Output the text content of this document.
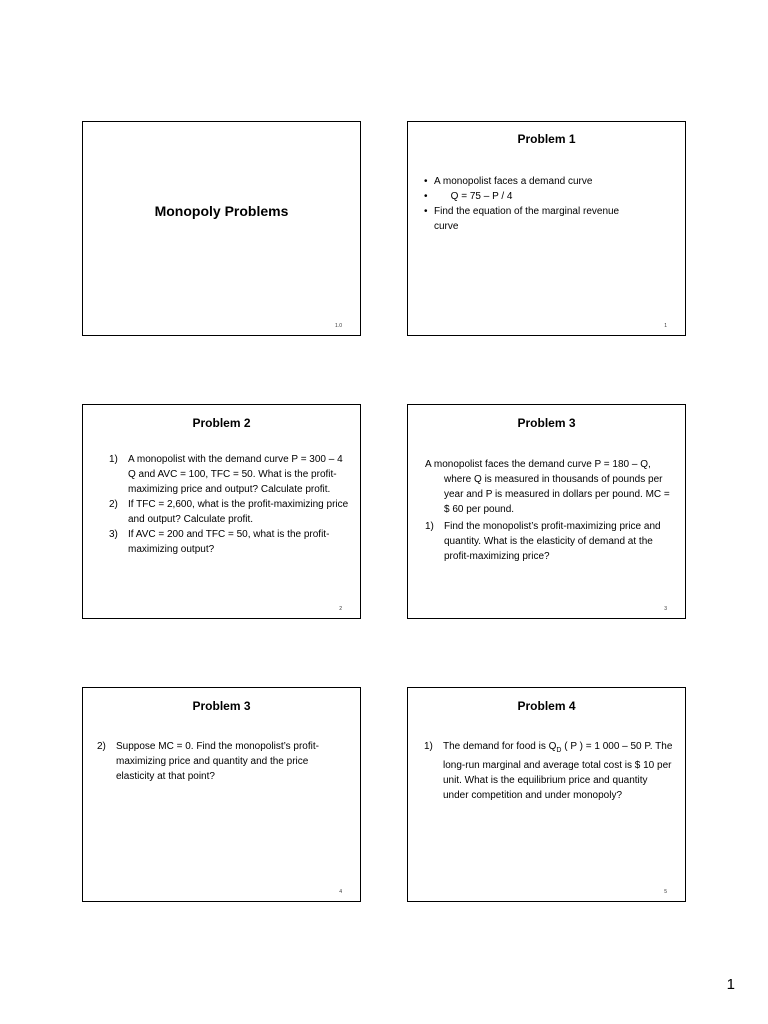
Monopoly Problems
1.0
Problem 1
• A monopolist faces a demand curve
•       Q = 75 – P / 4
• Find the equation of the marginal revenue curve
1
Problem 2
1) A monopolist with the demand curve P = 300 – 4 Q and AVC = 100, TFC = 50. What is the profit-maximizing price and output? Calculate profit.
2) If TFC = 2,600, what is the profit-maximizing price and output? Calculate profit.
3) If AVC = 200 and TFC = 50, what is the profit-maximizing output?
2
Problem 3
A monopolist faces the demand curve P = 180 – Q, where Q is measured in thousands of pounds per year and P is measured in dollars per pound. MC = $ 60 per pound.
1) Find the monopolist’s profit-maximizing price and quantity. What is the elasticity of demand at the profit-maximizing price?
3
Problem 3
2) Suppose MC = 0. Find the monopolist’s profit-maximizing price and quantity and the price elasticity at that point?
4
Problem 4
1) The demand for food is $Q_D$ ( P ) = 1 000 – 50 P. The long-run marginal and average total cost is $ 10 per unit. What is the equilibrium price and quantity under competition and under monopoly?
5
1
